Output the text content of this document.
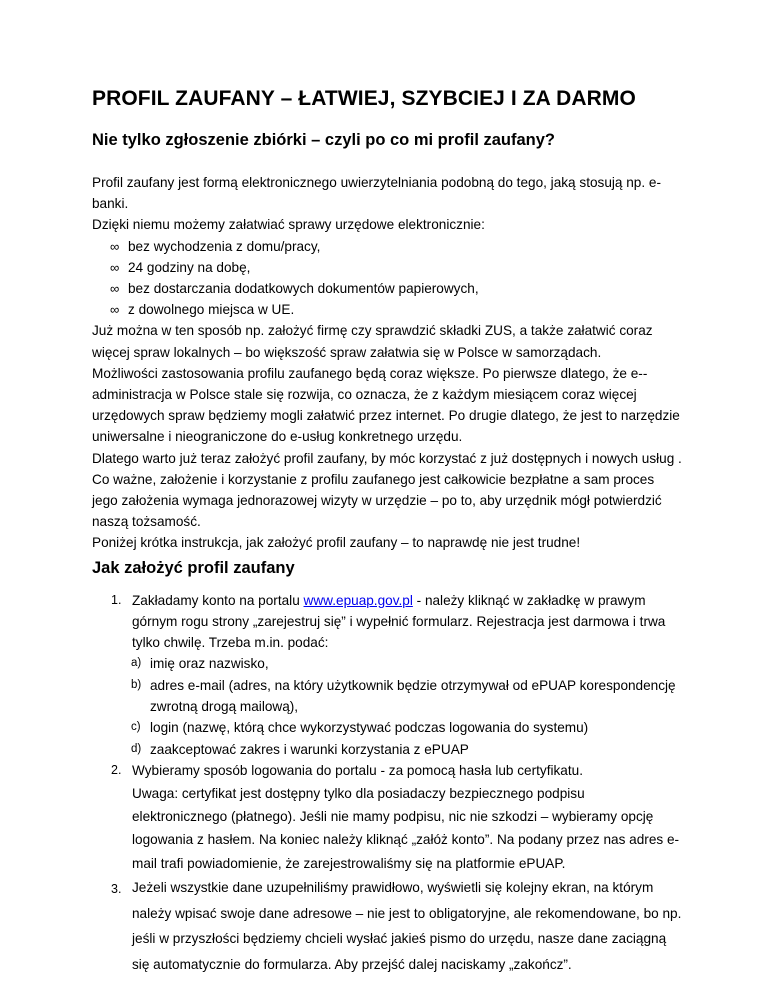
PROFIL ZAUFANY – ŁATWIEJ, SZYBCIEJ I ZA DARMO
Nie tylko zgłoszenie zbiórki – czyli po co mi profil zaufany?

Profil zaufany jest formą elektronicznego uwierzytelniania podobną do tego, jaką stosują np. e-banki.

Dzięki niemu możemy załatwiać sprawy urzędowe elektronicznie:

∞ bez wychodzenia z domu/pracy,
∞ 24 godziny na dobę,
∞ bez dostarczania dodatkowych dokumentów papierowych,
∞ z dowolnego miejsca w UE.

Już można w ten sposób np. założyć firmę czy sprawdzić składki ZUS, a także załatwić coraz więcej spraw lokalnych – bo większość spraw załatwia się w Polsce w samorządach.

Możliwości zastosowania profilu zaufanego będą coraz większe. Po pierwsze dlatego, że e--administracja w Polsce stale się rozwija, co oznacza, że z każdym miesiącem coraz więcej urzędowych spraw będziemy mogli załatwić przez internet. Po drugie dlatego, że jest to narzędzie uniwersalne i nieograniczone do e-usług konkretnego urzędu.

Dlatego warto już teraz założyć profil zaufany, by móc korzystać z już dostępnych i nowych usług .

Co ważne, założenie i korzystanie z profilu zaufanego jest całkowicie bezpłatne a sam proces jego założenia wymaga jednorazowej wizyty w urzędzie – po to, aby urzędnik mógł potwierdzić naszą tożsamość.

Poniżej krótka instrukcja, jak założyć profil zaufany – to naprawdę nie jest trudne!

Jak założyć profil zaufany
1. Zakładamy konto na portalu www.epuap.gov.pl - należy kliknąć w zakładkę w prawym górnym rogu strony „zarejestruj się” i wypełnić formularz. Rejestracja jest darmowa i trwa tylko chwilę. Trzeba m.in. podać:
a) imię oraz nazwisko,
b) adres e-mail (adres, na który użytkownik będzie otrzymywał od ePUAP korespondencję zwrotną drogą mailową),
c) login (nazwę, którą chce wykorzystywać podczas logowania do systemu)
d) zaakceptować zakres i warunki korzystania z ePUAP
2. Wybieramy sposób logowania do portalu - za pomocą hasła lub certyfikatu.
Uwaga: certyfikat jest dostępny tylko dla posiadaczy bezpiecznego podpisu elektronicznego (płatnego). Jeśli nie mamy podpisu, nic nie szkodzi – wybieramy opcję logowania z hasłem. Na koniec należy kliknąć „załóż konto”. Na podany przez nas adres e-mail trafi powiadomienie, że zarejestrowaliśmy się na platformie ePUAP.
3. Jeżeli wszystkie dane uzupełniliśmy prawidłowo, wyświetli się kolejny ekran, na którym należy wpisać swoje dane adresowe – nie jest to obligatoryjne, ale rekomendowane, bo np. jeśli w przyszłości będziemy chcieli wysłać jakieś pismo do urzędu, nasze dane zaciągną się automatycznie do formularza. Aby przejść dalej naciskamy „zakończ”.
